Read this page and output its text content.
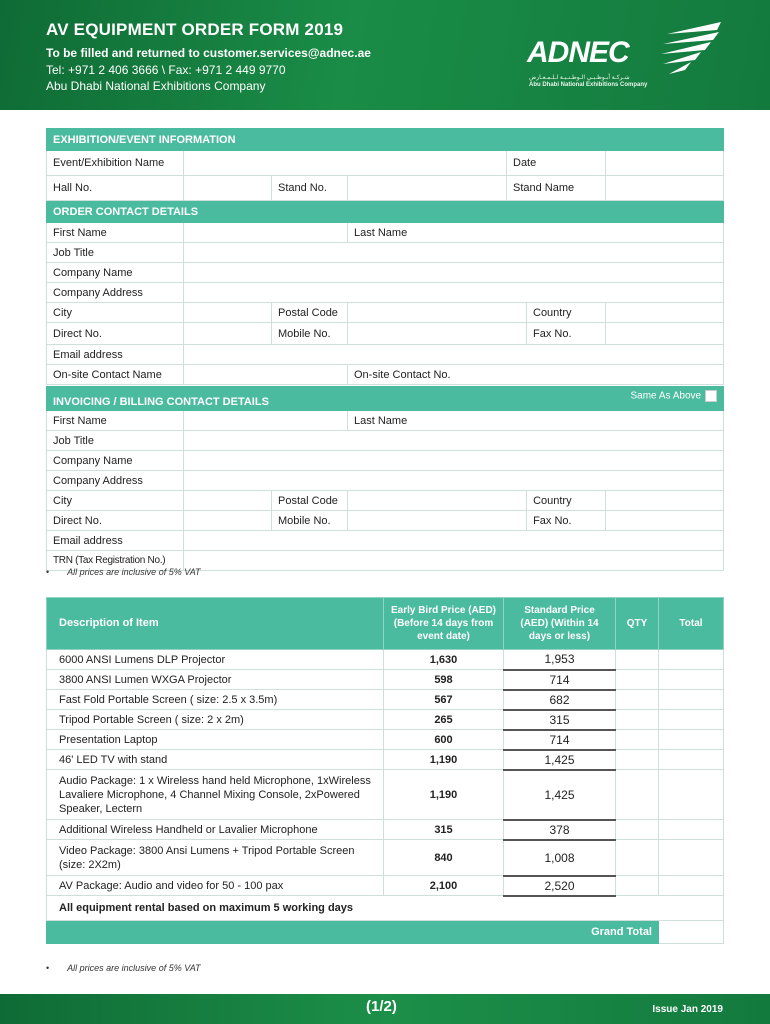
AV EQUIPMENT ORDER FORM 2019
To be filled and returned to customer.services@adnec.ae
Tel: +971 2 406 3666 \ Fax: +971 2 449 9770
Abu Dhabi National Exhibitions Company
ADNEC
شـركـة أبـوظـبـي الـوطـنـيـة لـلـمـعـارض
Abu Dhabi National Exhibitions Company
EXHIBITION/EVENT INFORMATION						
Event/Exhibition Name				Date		
Hall No.		Stand No.		Stand Name		
ORDER CONTACT DETAILS						
First Name			Last Name			
Job Title						
Company Name						
Company Address						
City		Postal Code			Country	
Direct No.		Mobile No.			Fax No.	
Email address						
On-site Contact Name			On-site Contact No.			
INVOICING / BILLING CONTACT DETAILS				Same As Above		
First Name			Last Name			
Job Title						
Company Name						
Company Address						
City		Postal Code			Country	
Direct No.		Mobile No.			Fax No.	
Email address						
TRN (Tax Registration No.)						
• All prices are inclusive of 5% VAT
Description of Item	Early Bird Price (AED) (Before 14 days from event date)	Standard Price (AED) (Within 14 days or less)	QTY	Total
6000 ANSI Lumens DLP Projector	1,630	1,953		
3800 ANSI Lumen WXGA Projector	598	714		
Fast Fold Portable Screen ( size: 2.5 x 3.5m)	567	682		
Tripod Portable Screen ( size: 2 x 2m)	265	315		
Presentation Laptop	600	714		
46' LED TV with stand	1,190	1,425		
Audio Package: 1 x Wireless hand held Microphone, 1xWireless Lavaliere Microphone, 4 Channel Mixing Console, 2xPowered Speaker, Lectern	1,190	1,425		
Additional Wireless Handheld or Lavalier Microphone	315	378		
Video Package: 3800 Ansi Lumens + Tripod Portable Screen (size: 2X2m)	840	1,008		
AV Package: Audio and video for 50 - 100 pax	2,100	2,520		
All equipment rental based on maximum 5 working days				
Grand Total				
• All prices are inclusive of 5% VAT
(1/2)	Issue Jan 2019
